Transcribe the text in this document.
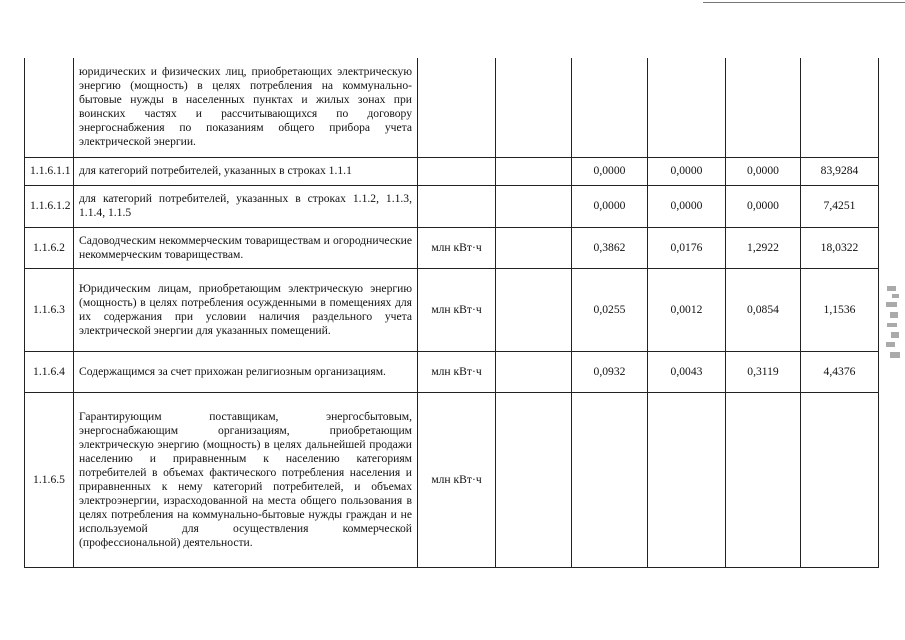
	юридических и физических лиц, приобретающих электрическую энергию (мощность) в целях потребления на коммунально-бытовые нужды в населенных пунктах и жилых зонах при воинских частях и рассчитывающихся по договору энергоснабжения по показаниям общего прибора учета электрической энергии.						
1.1.6.1.1	для категорий потребителей, указанных в строках 1.1.1			0,0000	0,0000	0,0000	83,9284
1.1.6.1.2	для категорий потребителей, указанных в строках 1.1.2, 1.1.3, 1.1.4, 1.1.5			0,0000	0,0000	0,0000	7,4251
1.1.6.2	Садоводческим некоммерческим товариществам и огороднические некоммерческим товариществам.	млн кВт·ч		0,3862	0,0176	1,2922	18,0322
1.1.6.3	Юридическим лицам, приобретающим электрическую энергию (мощность) в целях потребления осужденными в помещениях для их содержания при условии наличия раздельного учета электрической энергии для указанных помещений.	млн кВт·ч		0,0255	0,0012	0,0854	1,1536
1.1.6.4	Содержащимся за счет прихожан религиозным организациям.	млн кВт·ч		0,0932	0,0043	0,3119	4,4376
1.1.6.5	Гарантирующим поставщикам, энергосбытовым, энергоснабжающим организациям, приобретающим электрическую энергию (мощность) в целях дальнейшей продажи населению и приравненным к населению категориям потребителей в объемах фактического потребления населения и приравненных к нему категорий потребителей, и объемах электроэнергии, израсходованной на места общего пользования в целях потребления на коммунально-бытовые нужды граждан и не используемой для осуществления коммерческой (профессиональной) деятельности.	млн кВт·ч					
